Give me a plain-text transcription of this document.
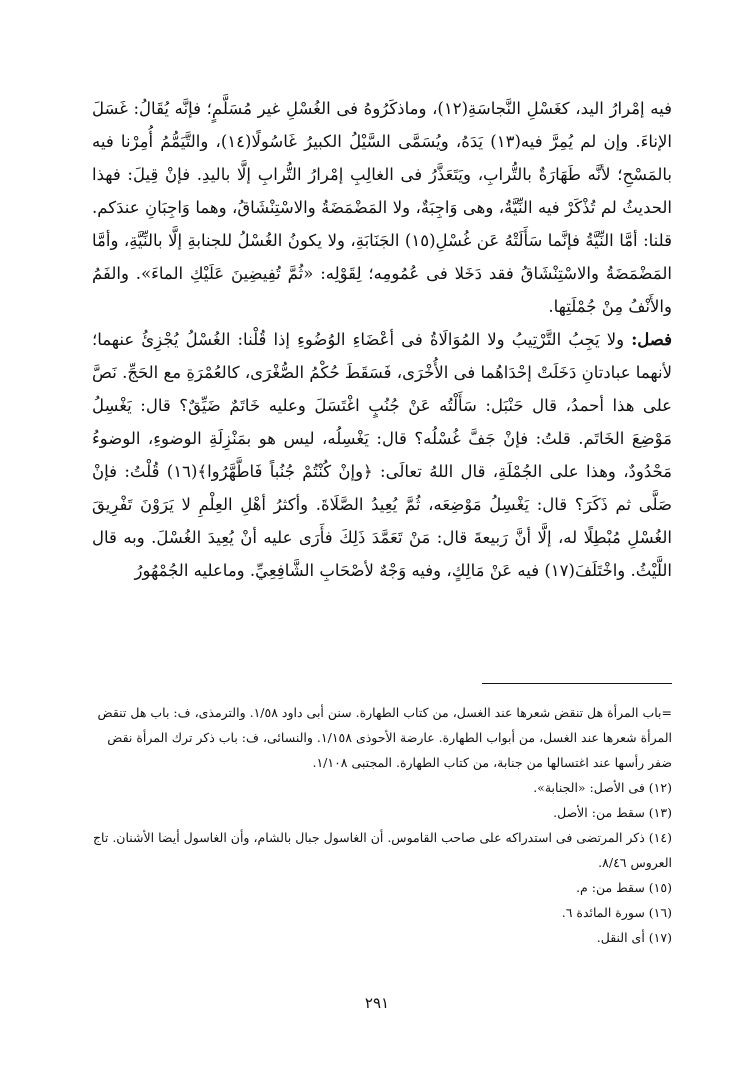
فيه إمْرارُ اليد، كغَسْلِ النَّجاسَةِ(١٢)، وماذكَرُوهُ فى الغُسْلِ غير مُسَلَّمٍ؛ فإنَّه يُقَالُ: غَسَلَ الإناءَ. وإن لم يُمِرَّ فيه(١٣) يَدَهُ، ويُسَمَّى السَّيْلُ الكبيرُ غَاسُولًا(١٤)، والتَّيَمُّمُ أُمِرْنا فيه بالمَسْحِ؛ لأنَّه طَهَارَةٌ بالتُّرابِ، ويَتَعَذَّرُ فى الغالِبِ إمْرارُ التُّرابِ إلَّا باليدِ. فإنْ قِيلَ: فهذا الحديثُ لم تُذْكَرْ فيه النِّيَّةُ، وهى وَاجِبَةٌ، ولا المَضْمَضَةُ والاسْتِنْشَاقُ، وهما وَاجِبَانِ عندَكم. قلنا: أمَّا النِّيَّةُ فإنَّما سَأَلَتْهُ عَن غُسْلِ(١٥) الجَنَابَةِ، ولا يكونُ الغُسْلُ للجنابةِ إلَّا بالنِّيَّةِ، وأمَّا المَضْمَضَةُ والاسْتِنْشَاقُ فقد دَخَلا فى عُمُومِه؛ لِقَوْلِه: «ثُمَّ تُفِيضِينَ عَلَيْكِ الماءَ». والفَمُ والأَنْفُ مِنْ جُمْلَتِها.

فصل: ولا يَجِبُ التَّرْتِيبُ ولا المُوَالَاةُ فى أعْضَاءِ الوُضُوءِ إذا قُلْنا: الغُسْلُ يُجْزِئُ عنهما؛ لأنهما عبادتانِ دَخَلَتْ إحْدَاهُما فى الأُخْرَى، فَسَقَطَ حُكْمُ الصُّغْرَى، كالعُمْرَةِ مع الحَجِّ. نَصَّ على هذا أحمدُ، قال حَنْبَل: سَأَلْتُه عَنْ جُنُبٍ اغْتَسَلَ وعليه خَاتَمٌ ضَيِّقٌ؟ قال: يَغْسِلُ مَوْضِعَ الخَاتَم. قلتُ: فإنْ جَفَّ غُسْلُه؟ قال: يَغْسِلُه، ليس هو بمَنْزِلَةِ الوضوءِ، الوضوءُ مَحْدُودٌ، وهذا على الجُمْلَةِ، قال اللهُ تعالَى: ﴿وإنْ كُنْتُمْ جُنُباً فَاطَّهَّرُوا﴾(١٦) قُلْتُ: فإنْ صَلَّى ثم ذَكَرَ؟ قال: يَغْسِلُ مَوْضِعَه، ثُمَّ يُعِيدُ الصَّلَاةَ. وأكثرُ أهْلِ العِلْمِ لا يَرَوْنَ تَفْرِيقَ الغُسْلِ مُبْطِلًا له، إلَّا أنَّ رَبيعةَ قال: مَنْ تَعَمَّدَ ذَلِكَ فأَرَى عليه أنْ يُعِيدَ الغُسْلَ. وبه قال اللَّيْثُ. واخْتَلَفَ(١٧) فيه عَنْ مَالِكٍ، وفيه وَجْهٌ لأصْحَابِ الشَّافِعِيِّ. وماعليه الجُمْهُورُ

=باب المرأة هل تنقض شعرها عند الغسل، من كتاب الطهارة. سنن أبى داود ١/٥٨. والترمذى، ف: باب هل تنقض المرأة شعرها عند الغسل، من أبواب الطهارة. عارضة الأحوذى ١/١٥٨. والنسائى، ف: باب ذكر ترك المرأة نقض ضفر رأسها عند اغتسالها من جنابة، من كتاب الطهارة. المجتبى ١/١٠٨.

(١٢) فى الأصل: «الجنابة».

(١٣) سقط من: الأصل.

(١٤) ذكر المرتضى فى استدراكه على صاحب القاموس. أن الغاسول جبال بالشام، وأن الغاسول أيضا الأشنان. تاج العروس ٨/٤٦.

(١٥) سقط من: م.

(١٦) سورة المائدة ٦.

(١٧) أى النقل.

٢٩١
